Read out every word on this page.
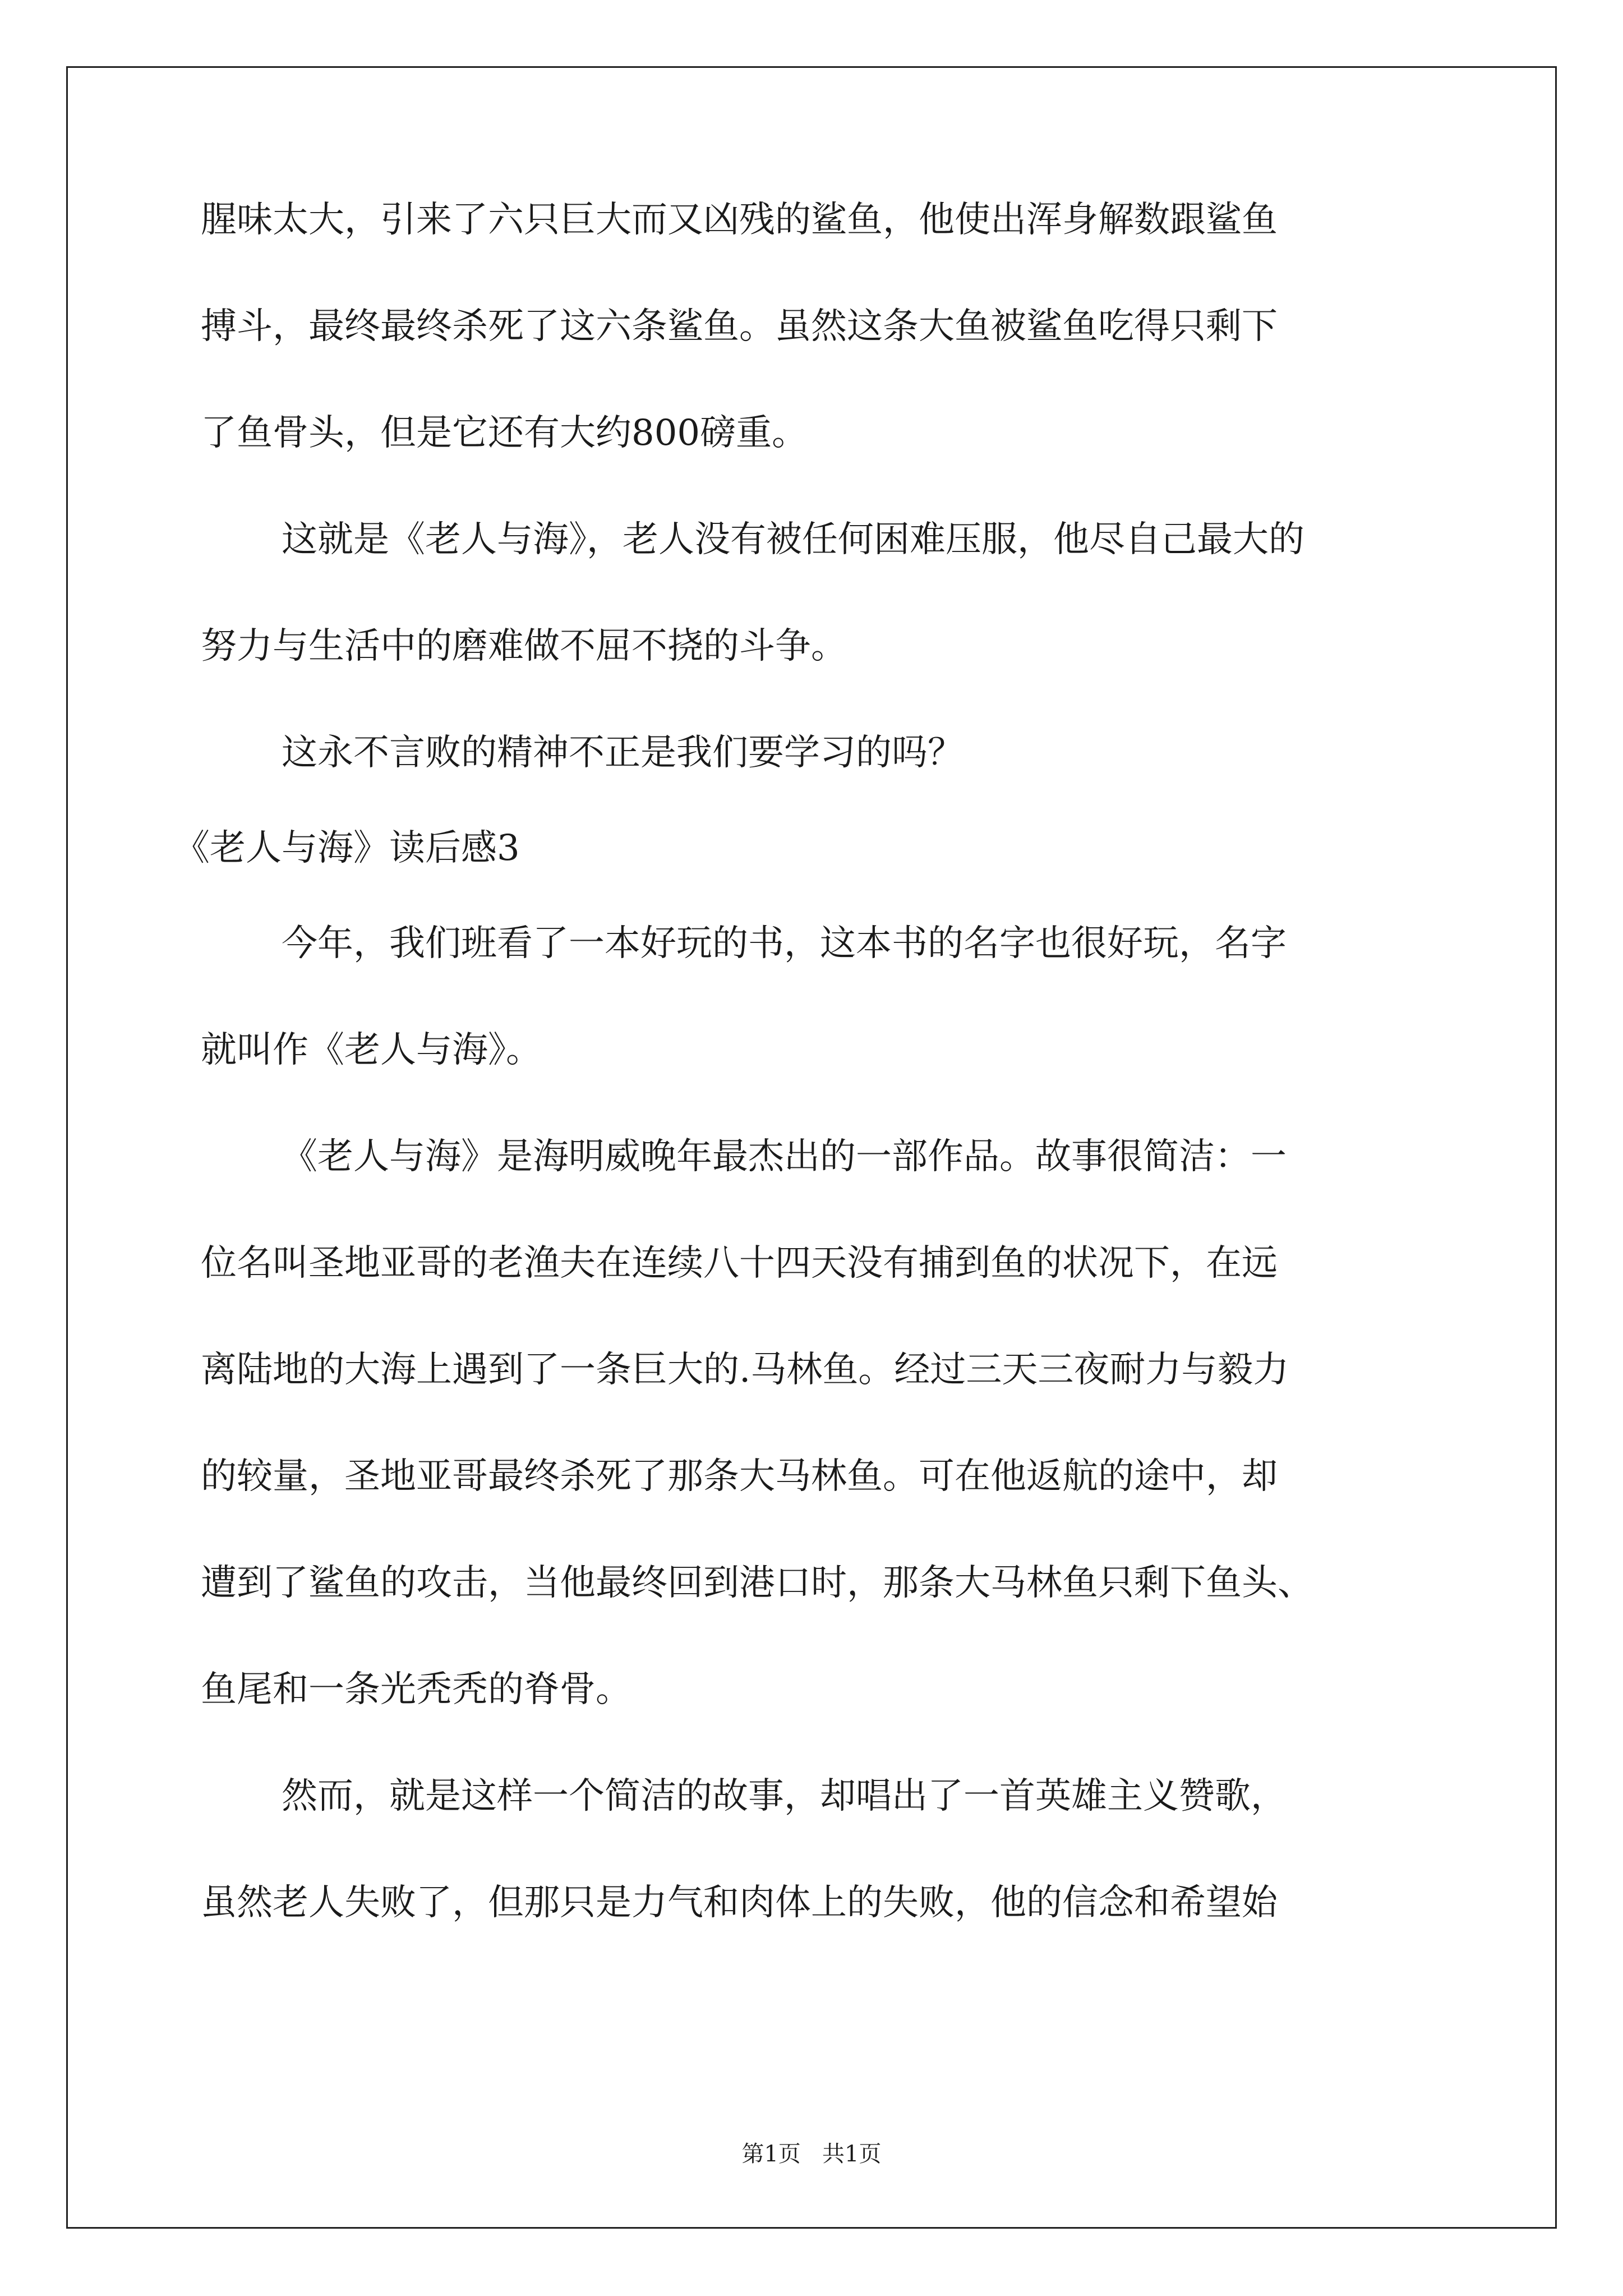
腥味太大，引来了六只巨大而又凶残的鲨鱼，他使出浑身解数跟鲨鱼
搏斗，最终最终杀死了这六条鲨鱼。虽然这条大鱼被鲨鱼吃得只剩下
了鱼骨头，但是它还有大约800磅重。
这就是《老人与海》，老人没有被任何困难压服，他尽自己最大的
努力与生活中的磨难做不屈不挠的斗争。
这永不言败的精神不正是我们要学习的吗？
《老人与海》读后感3
今年，我们班看了一本好玩的书，这本书的名字也很好玩，名字
就叫作《老人与海》。
《老人与海》是海明威晚年最杰出的一部作品。故事很简洁：一
位名叫圣地亚哥的老渔夫在连续八十四天没有捕到鱼的状况下，在远
离陆地的大海上遇到了一条巨大的.马林鱼。经过三天三夜耐力与毅力
的较量，圣地亚哥最终杀死了那条大马林鱼。可在他返航的途中，却
遭到了鲨鱼的攻击，当他最终回到港口时，那条大马林鱼只剩下鱼头、
鱼尾和一条光秃秃的脊骨。
然而，就是这样一个简洁的故事，却唱出了一首英雄主义赞歌，
虽然老人失败了，但那只是力气和肉体上的失败，他的信念和希望始
第1页   共1页
